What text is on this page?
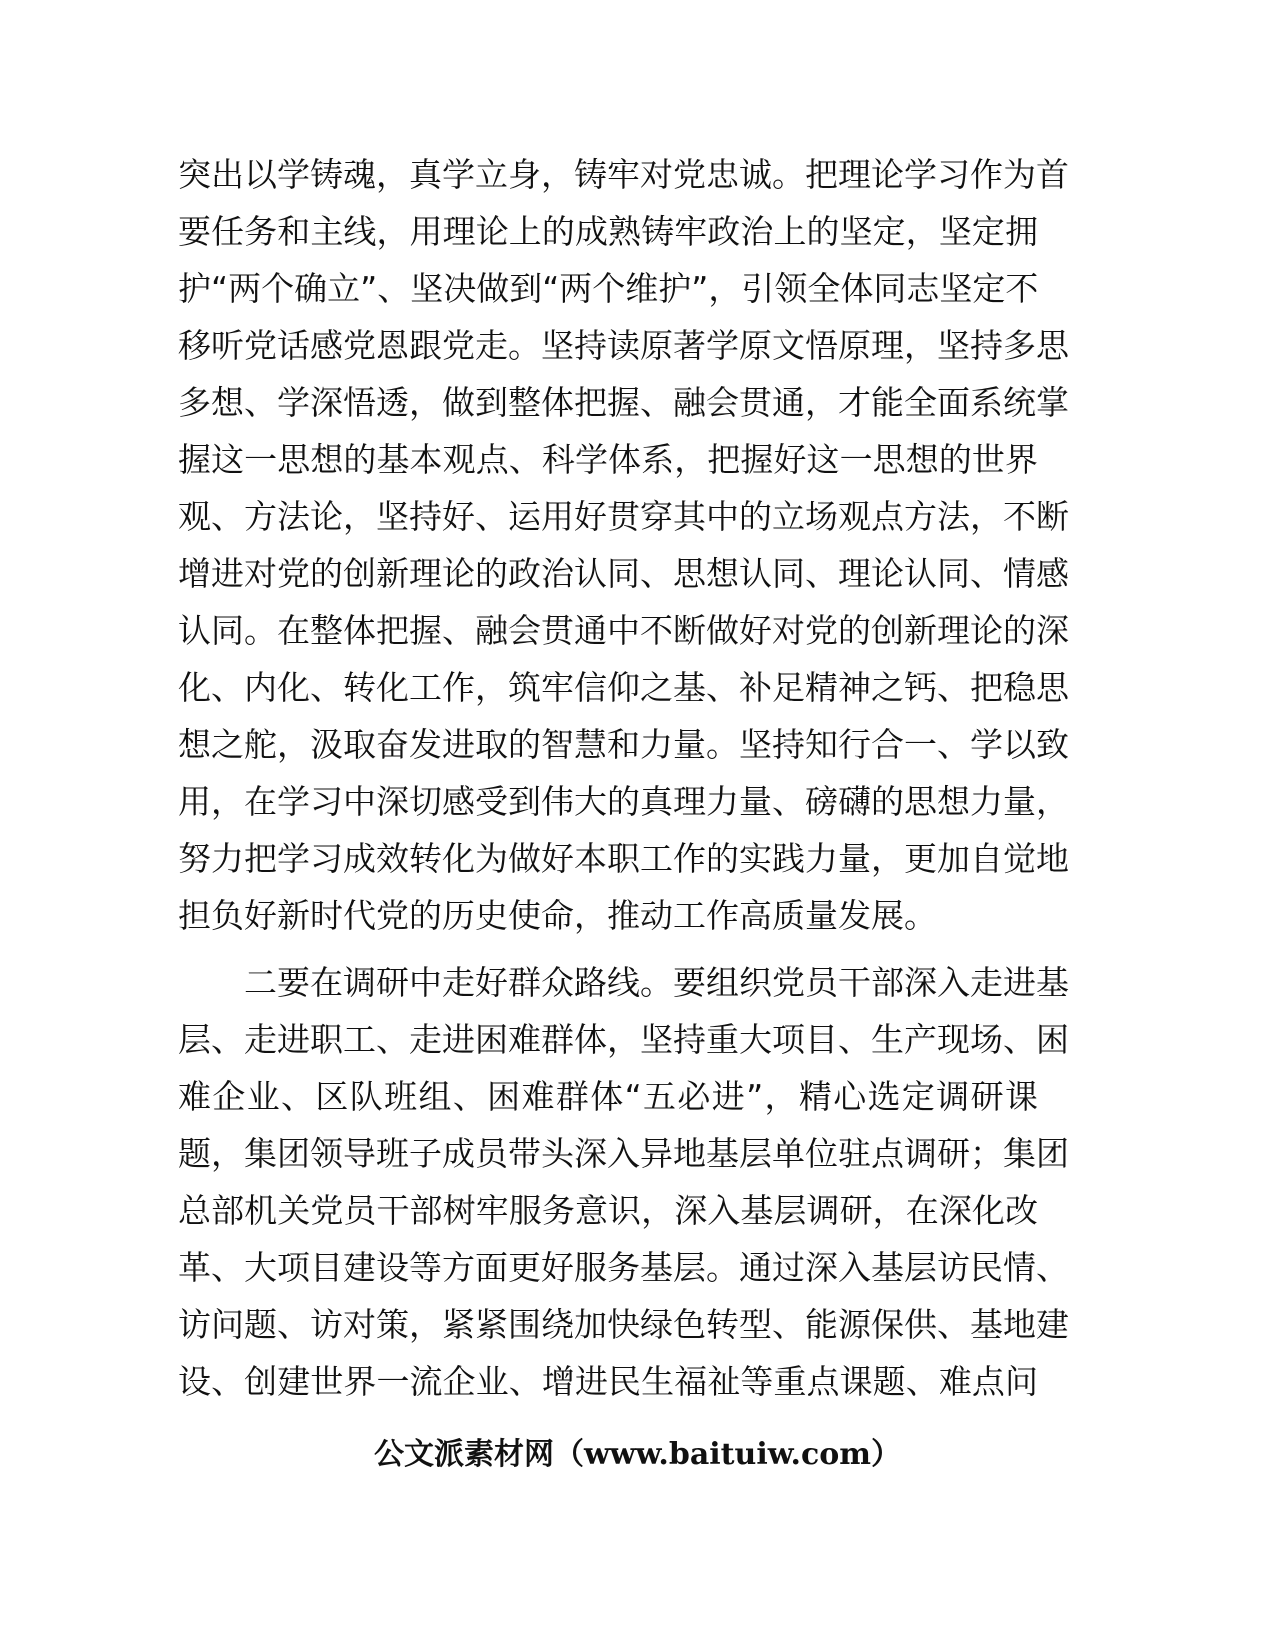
突出以学铸魂，真学立身，铸牢对党忠诚。把理论学习作为首
要任务和主线，用理论上的成熟铸牢政治上的坚定，坚定拥
护“两个确立”、坚决做到“两个维护”，引领全体同志坚定不
移听党话感党恩跟党走。坚持读原著学原文悟原理，坚持多思
多想、学深悟透，做到整体把握、融会贯通，才能全面系统掌
握这一思想的基本观点、科学体系，把握好这一思想的世界
观、方法论，坚持好、运用好贯穿其中的立场观点方法，不断
增进对党的创新理论的政治认同、思想认同、理论认同、情感
认同。在整体把握、融会贯通中不断做好对党的创新理论的深
化、内化、转化工作，筑牢信仰之基、补足精神之钙、把稳思
想之舵，汲取奋发进取的智慧和力量。坚持知行合一、学以致
用，在学习中深切感受到伟大的真理力量、磅礴的思想力量，
努力把学习成效转化为做好本职工作的实践力量，更加自觉地
担负好新时代党的历史使命，推动工作高质量发展。
二要在调研中走好群众路线。要组织党员干部深入走进基
层、走进职工、走进困难群体，坚持重大项目、生产现场、困
难企业、区队班组、困难群体“五必进”，精心选定调研课
题，集团领导班子成员带头深入异地基层单位驻点调研；集团
总部机关党员干部树牢服务意识，深入基层调研，在深化改
革、大项目建设等方面更好服务基层。通过深入基层访民情、
访问题、访对策，紧紧围绕加快绿色转型、能源保供、基地建
设、创建世界一流企业、增进民生福祉等重点课题、难点问
公文派素材网（www.baituiw.com）
